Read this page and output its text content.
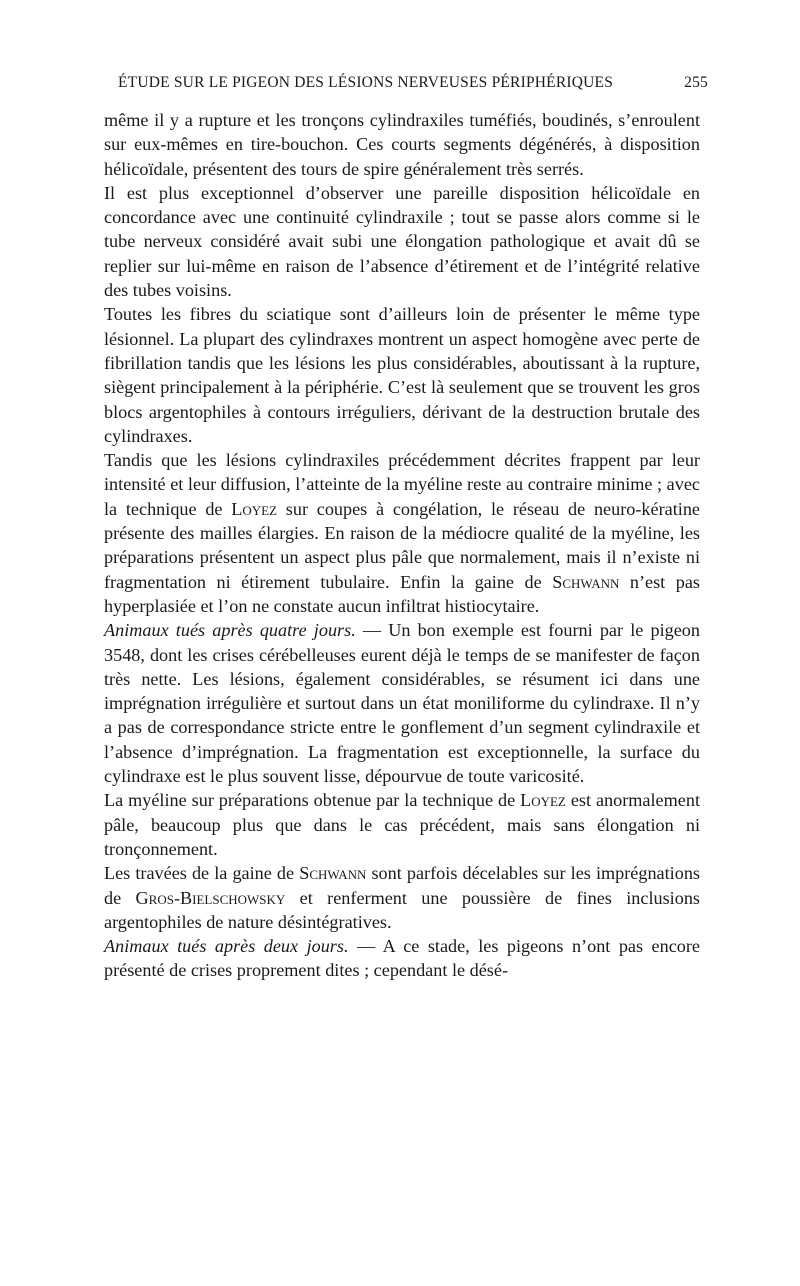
ÉTUDE SUR LE PIGEON DES LÉSIONS NERVEUSES PÉRIPHÉRIQUES	255

même il y a rupture et les tronçons cylindraxiles tuméfiés, boudinés, s’enroulent sur eux-mêmes en tire-bouchon. Ces courts segments dégénérés, à disposition hélicoïdale, présentent des tours de spire généralement très serrés.

Il est plus exceptionnel d’observer une pareille disposition hélicoïdale en concordance avec une continuité cylindraxile ; tout se passe alors comme si le tube nerveux considéré avait subi une élongation pathologique et avait dû se replier sur lui-même en raison de l’absence d’étirement et de l’intégrité relative des tubes voisins.

Toutes les fibres du sciatique sont d’ailleurs loin de présenter le même type lésionnel. La plupart des cylindraxes montrent un aspect homogène avec perte de fibrillation tandis que les lésions les plus considérables, aboutissant à la rupture, siègent principalement à la périphérie. C’est là seulement que se trouvent les gros blocs argentophiles à contours irréguliers, dérivant de la destruction brutale des cylindraxes.

Tandis que les lésions cylindraxiles précédemment décrites frappent par leur intensité et leur diffusion, l’atteinte de la myéline reste au contraire minime ; avec la technique de Loyez sur coupes à congélation, le réseau de neuro-kératine présente des mailles élargies. En raison de la médiocre qualité de la myéline, les préparations présentent un aspect plus pâle que normalement, mais il n’existe ni fragmentation ni étirement tubulaire. Enfin la gaine de Schwann n’est pas hyperplasiée et l’on ne constate aucun infiltrat histiocytaire.

Animaux tués après quatre jours. — Un bon exemple est fourni par le pigeon 3548, dont les crises cérébelleuses eurent déjà le temps de se manifester de façon très nette. Les lésions, également considérables, se résument ici dans une imprégnation irrégulière et surtout dans un état moniliforme du cylindraxe. Il n’y a pas de correspondance stricte entre le gonflement d’un segment cylindraxile et l’absence d’imprégnation. La fragmentation est exceptionnelle, la surface du cylindraxe est le plus souvent lisse, dépourvue de toute varicosité.

La myéline sur préparations obtenue par la technique de Loyez est anormalement pâle, beaucoup plus que dans le cas précédent, mais sans élongation ni tronçonnement.

Les travées de la gaine de Schwann sont parfois décelables sur les imprégnations de Gros-Bielschowsky et renferment une poussière de fines inclusions argentophiles de nature désintégratives.

Animaux tués après deux jours. — A ce stade, les pigeons n’ont pas encore présenté de crises proprement dites ; cependant le désé-
